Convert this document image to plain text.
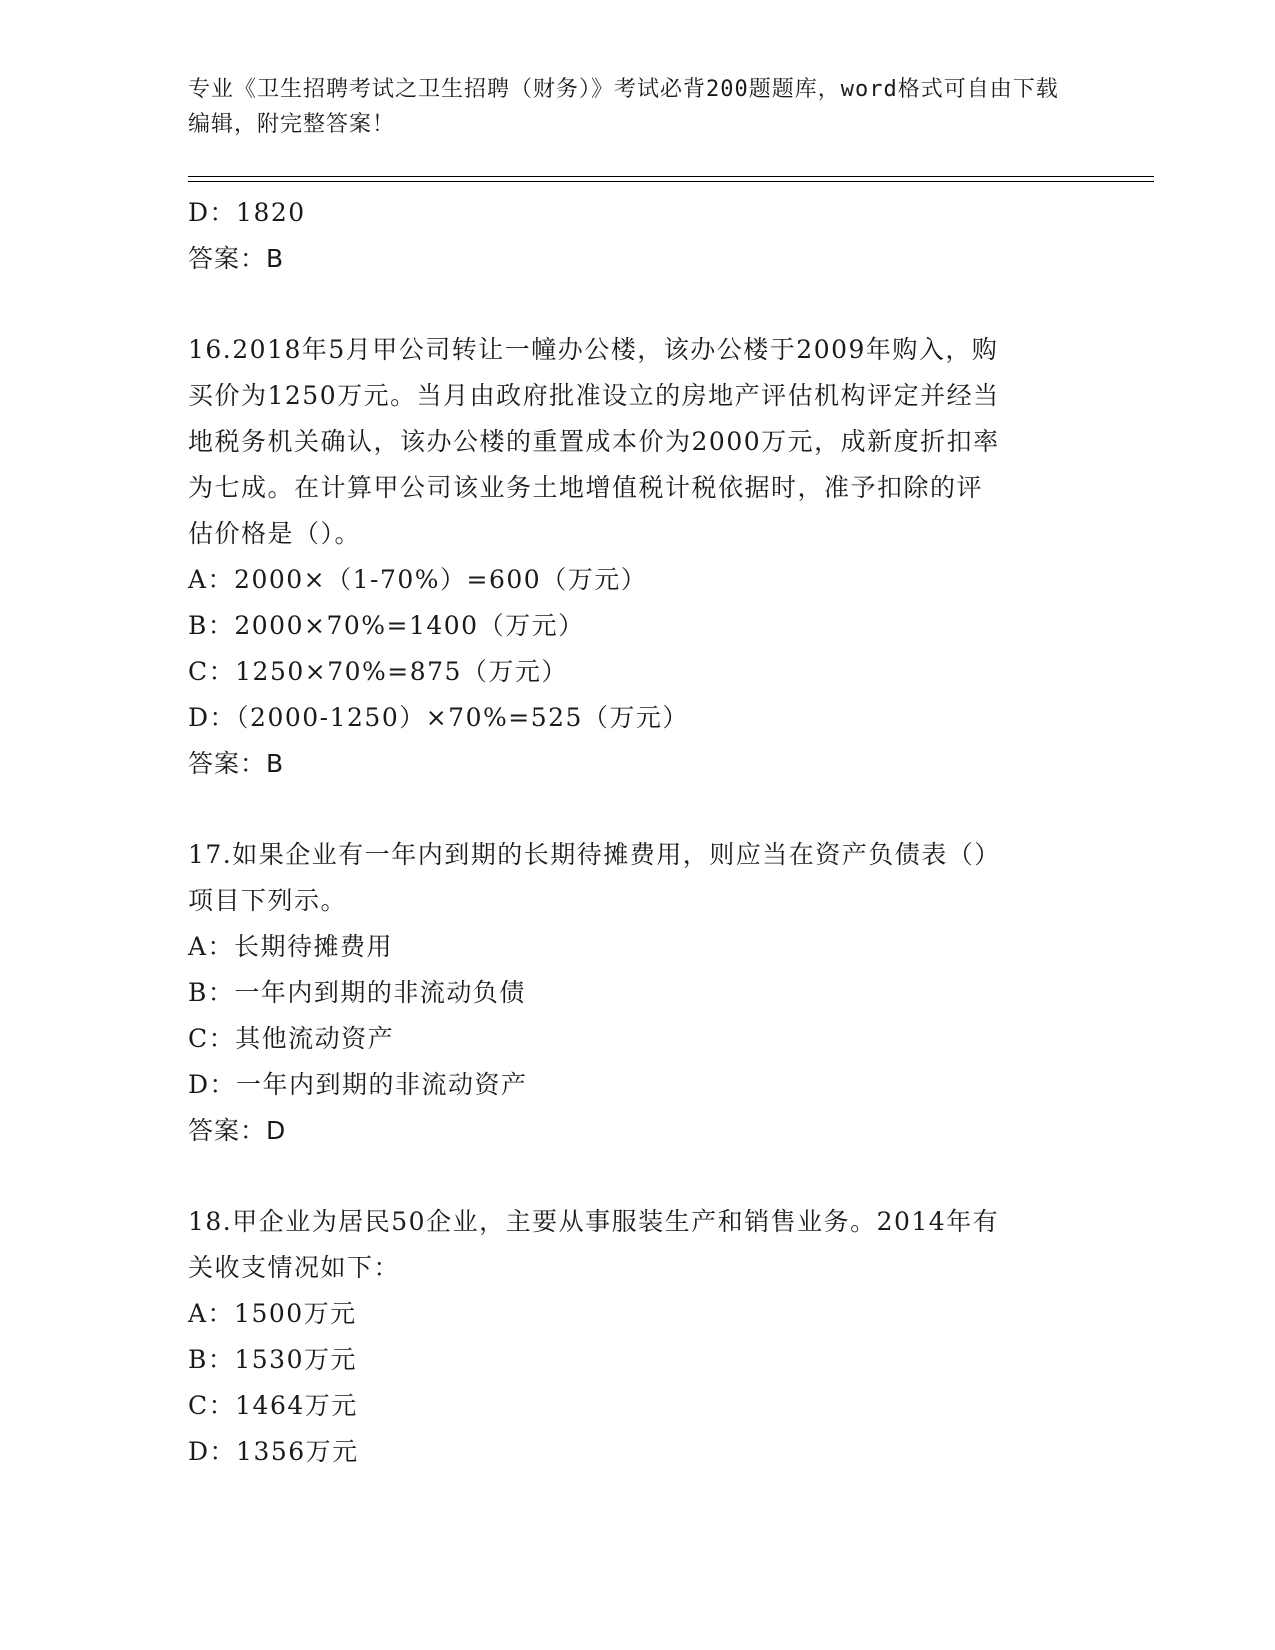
专业《卫生招聘考试之卫生招聘（财务）》考试必背200题题库，word格式可自由下载编辑，附完整答案！

D：1820
答案：B
16.2018年5月甲公司转让一幢办公楼，该办公楼于2009年购入，购
买价为1250万元。当月由政府批准设立的房地产评估机构评定并经当
地税务机关确认，该办公楼的重置成本价为2000万元，成新度折扣率
为七成。在计算甲公司该业务土地增值税计税依据时，准予扣除的评
估价格是（）。
A：2000×（1-70%）=600（万元）
B：2000×70%=1400（万元）
C：1250×70%=875（万元）
D：（2000-1250）×70%=525（万元）
答案：B
17.如果企业有一年内到期的长期待摊费用，则应当在资产负债表（）
项目下列示。
A：长期待摊费用
B：一年内到期的非流动负债
C：其他流动资产
D：一年内到期的非流动资产
答案：D
18.甲企业为居民50企业，主要从事服装生产和销售业务。2014年有
关收支情况如下：
A：1500万元
B：1530万元
C：1464万元
D：1356万元
